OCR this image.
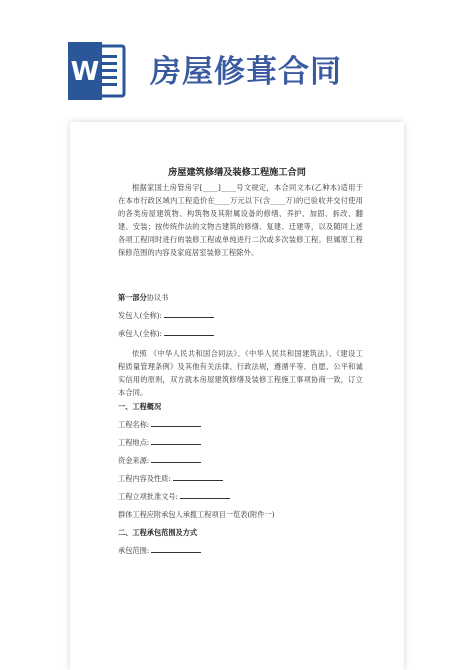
W 房屋修葺合同
房屋建筑修缮及装修工程施工合同
根据家国土房管房字[____]____号文规定，本合同文本(乙种本)适用于在本市行政区域内工程造价在____万元以下(含____万)的已验收并交付使用的各类房屋建筑物、构筑物及其附属设备的修缮、养护、加固、拆改、翻建、安装；按传统作法的文物古建筑的修缮、复建、迁建等，以及随同上述各项工程同时进行的装修工程或单纯进行二次或多次装修工程。但属原工程保修范围的内容及家庭居室装修工程除外。
第一部分协议书
发包人(全称):
承包人(全称):
依照 《中华人民共和国合同法》、《中华人民共和国建筑法》、《建设工程质量管理条例》及其他有关法律、行政法规，遵循平等、自愿、公平和诚实信用的原则，双方就本房屋建筑修缮及装修工程施工事项协商一致，订立本合同。
一、工程概况
工程名称:
工程地点:
资金来源:
工程内容及性质:
工程立项批准文号:
群体工程应附承包人承揽工程项目一览表(附件一)
二、工程承包范围及方式
承包范围:
